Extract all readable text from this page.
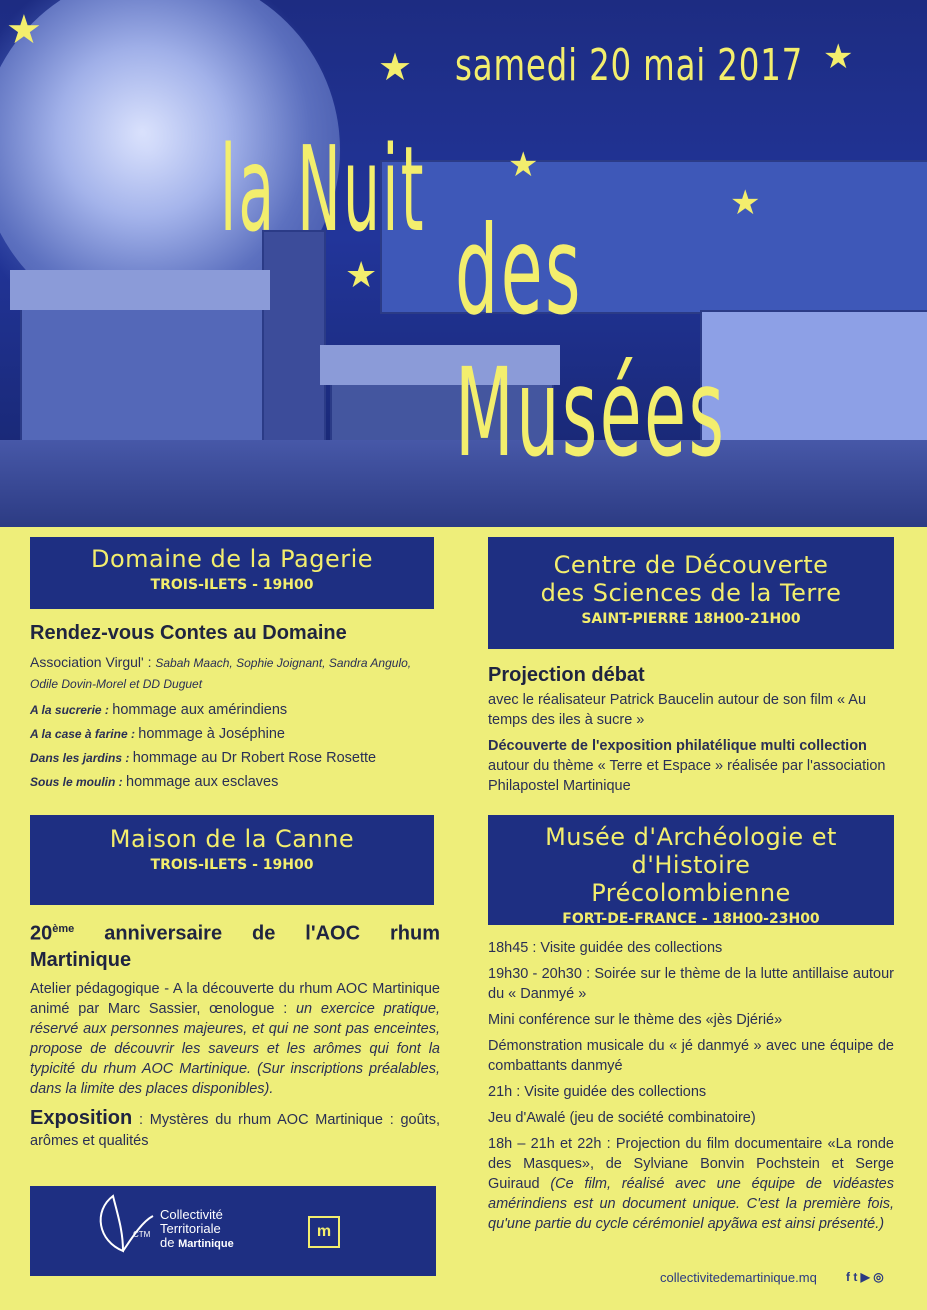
★
★	★
★
★
★
samedi 20 mai 2017
la Nuit
des Musées
Domaine de la Pagerie
TROIS-ILETS - 19H00

Rendez-vous Contes au Domaine

Association Virgul' : Sabah Maach, Sophie Joignant, Sandra Angulo, Odile Dovin-Morel et DD Duguet

A la sucrerie : hommage aux amérindiens

A la case à farine : hommage à Joséphine

Dans les jardins : hommage au Dr Robert Rose Rosette

Sous le moulin : hommage aux esclaves

Maison de la Canne
TROIS-ILETS - 19H00

20ème anniversaire de l'AOC rhum Martinique

Atelier pédagogique - A la découverte du rhum AOC Martinique animé par Marc Sassier, œnologue : un exercice pratique, réservé aux personnes majeures, et qui ne sont pas enceintes, propose de découvrir les saveurs et les arômes qui font la typicité du rhum AOC Martinique. (Sur inscriptions préalables, dans la limite des places disponibles).

Exposition : Mystères du rhum AOC Martinique : goûts, arômes et qualités

CTM
Collectivité
Territoriale
de Martinique
m
Centre de Découverte
des Sciences de la Terre
SAINT-PIERRE 18H00-21H00

Projection débat

avec le réalisateur Patrick Baucelin autour de son film « Au temps des iles à sucre »

Découverte de l'exposition philatélique multi collection autour du thème « Terre et Espace » réalisée par l'association Philapostel Martinique

Musée d'Archéologie et d'Histoire
Précolombienne
FORT-DE-FRANCE - 18H00-23H00

18h45 : Visite guidée des collections

19h30 - 20h30 : Soirée sur le thème de la lutte antillaise autour du « Danmyé »

Mini conférence sur le thème des «jès Djérié»

Démonstration musicale du « jé danmyé » avec une équipe de combattants danmyé

21h : Visite guidée des collections

Jeu d'Awalé (jeu de société combinatoire)

18h – 21h et 22h : Projection du film documentaire «La ronde des Masques», de Sylviane Bonvin Pochstein et Serge Guiraud (Ce film, réalisé avec une équipe de vidéastes amérindiens est un document unique. C'est la première fois, qu'une partie du cycle cérémoniel apyãwa est ainsi présenté.)

collectivitedemartinique.mq f t ▶ ◎
